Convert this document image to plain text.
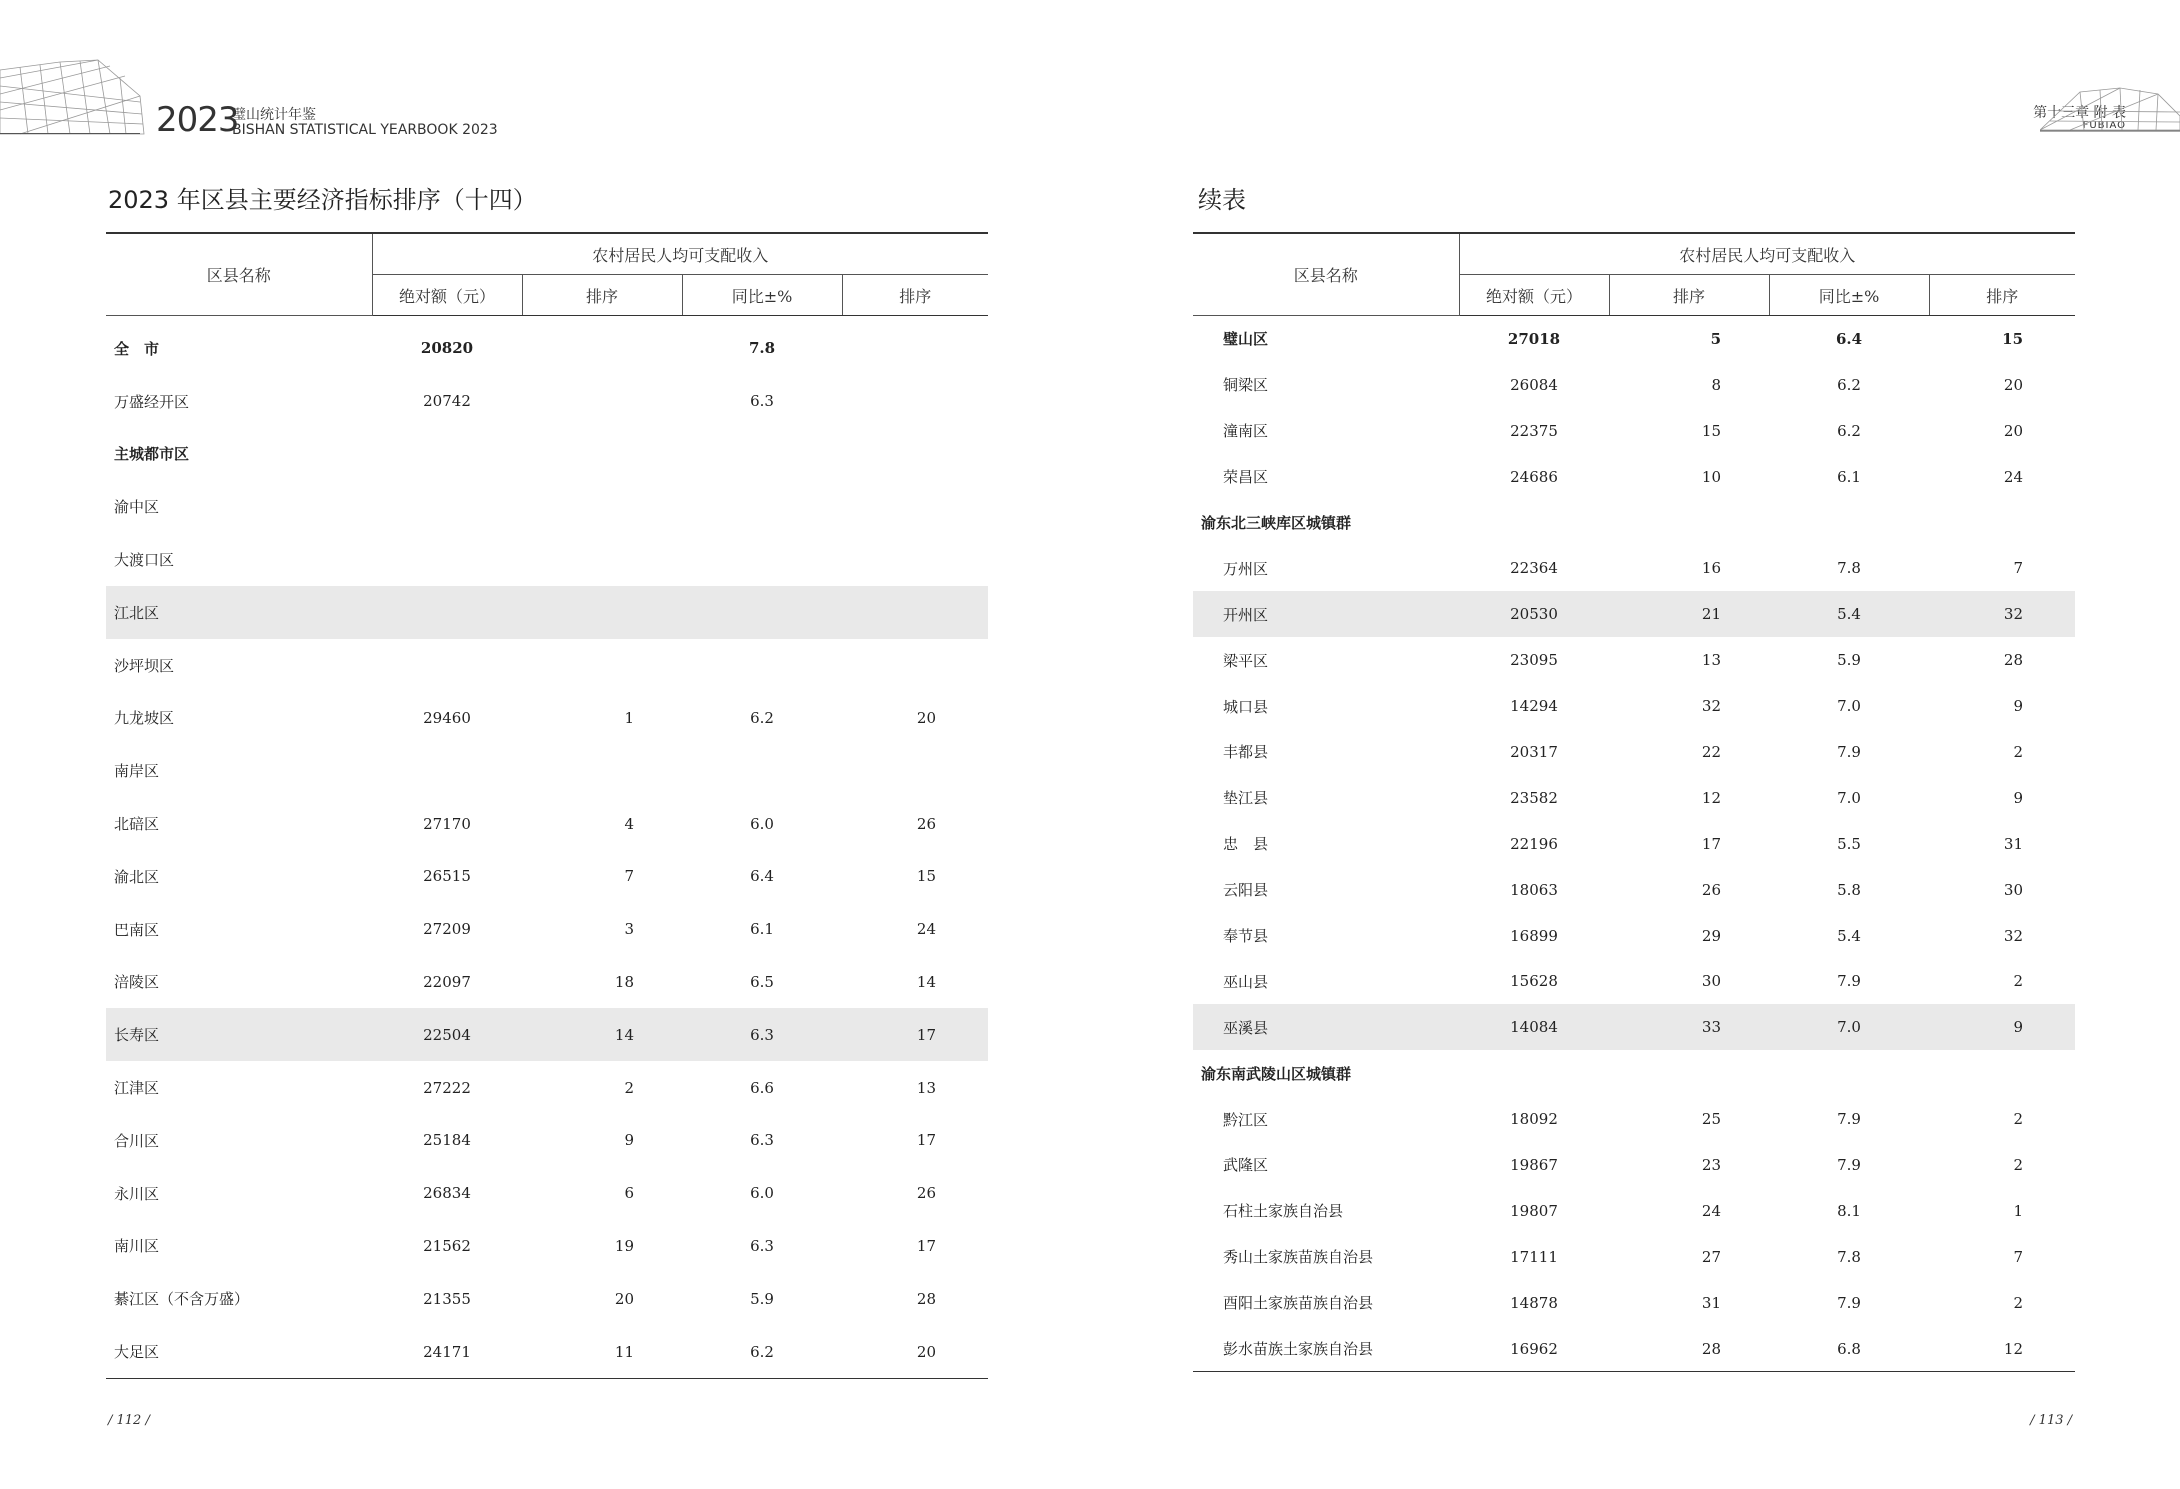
2023
璧山统计年鉴
BISHAN STATISTICAL YEARBOOK 2023
2023 年区县主要经济指标排序（十四）
区县名称	农村居民人均可支配收入			
	绝对额（元）	排序	同比±%	排序
全　市	20820		7.8	
万盛经开区	20742		6.3	
主城都市区				
渝中区				
大渡口区				
江北区				
沙坪坝区				
九龙坡区	29460	1	6.2	20
南岸区				
北碚区	27170	4	6.0	26
渝北区	26515	7	6.4	15
巴南区	27209	3	6.1	24
涪陵区	22097	18	6.5	14
长寿区	22504	14	6.3	17
江津区	27222	2	6.6	13
合川区	25184	9	6.3	17
永川区	26834	6	6.0	26
南川区	21562	19	6.3	17
綦江区（不含万盛）	21355	20	5.9	28
大足区	24171	11	6.2	20
/ 112 /
第十三章 附 表
FUBIAO
续表
区县名称	农村居民人均可支配收入			
	绝对额（元）	排序	同比±%	排序
璧山区	27018	5	6.4	15
铜梁区	26084	8	6.2	20
潼南区	22375	15	6.2	20
荣昌区	24686	10	6.1	24
渝东北三峡库区城镇群				
万州区	22364	16	7.8	7
开州区	20530	21	5.4	32
梁平区	23095	13	5.9	28
城口县	14294	32	7.0	9
丰都县	20317	22	7.9	2
垫江县	23582	12	7.0	9
忠　县	22196	17	5.5	31
云阳县	18063	26	5.8	30
奉节县	16899	29	5.4	32
巫山县	15628	30	7.9	2
巫溪县	14084	33	7.0	9
渝东南武陵山区城镇群				
黔江区	18092	25	7.9	2
武隆区	19867	23	7.9	2
石柱土家族自治县	19807	24	8.1	1
秀山土家族苗族自治县	17111	27	7.8	7
酉阳土家族苗族自治县	14878	31	7.9	2
彭水苗族土家族自治县	16962	28	6.8	12
/ 113 /
